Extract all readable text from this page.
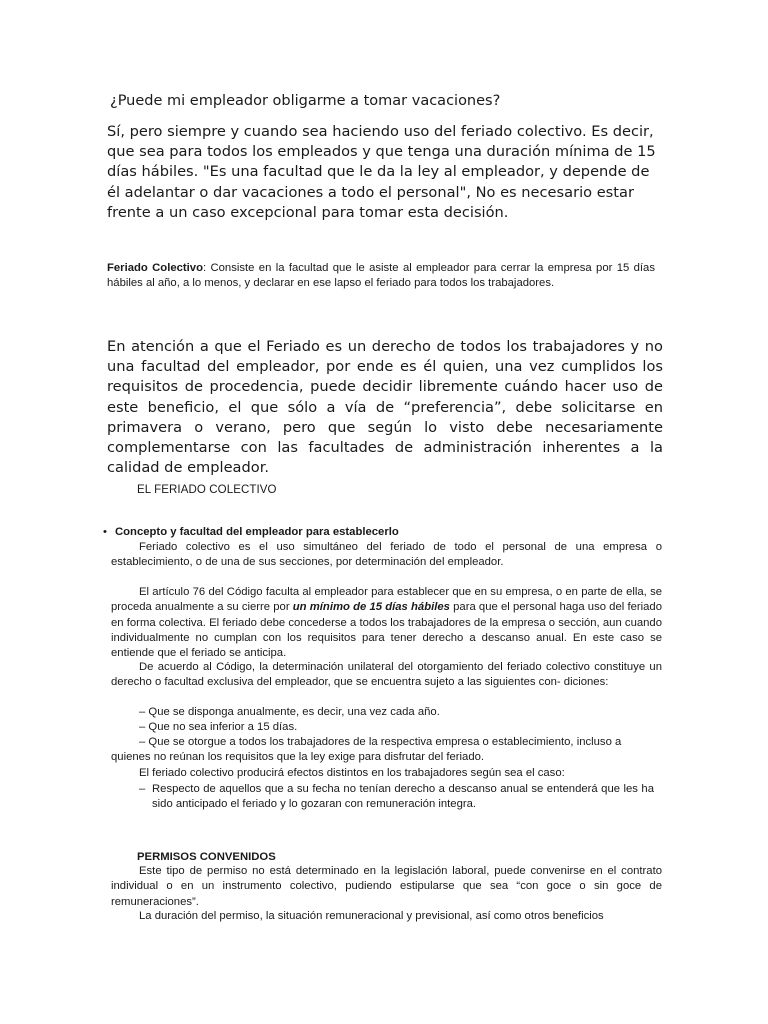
¿Puede mi empleador obligarme a tomar vacaciones?

Sí, pero siempre y cuando sea haciendo uso del feriado colectivo. Es decir, que sea para todos los empleados y que tenga una duración mínima de 15 días hábiles. "Es una facultad que le da la ley al empleador, y depende de él adelantar o dar vacaciones a todo el personal", No es necesario estar frente a un caso excepcional para tomar esta decisión.

Feriado Colectivo: Consiste en la facultad que le asiste al empleador para cerrar la empresa por 15 días hábiles al año, a lo menos, y declarar en ese lapso el feriado para todos los trabajadores.

En atención a que el Feriado es un derecho de todos los trabajadores y no una facultad del empleador, por ende es él quien, una vez cumplidos los requisitos de procedencia, puede decidir libremente cuándo hacer uso de este beneficio, el que sólo a vía de “preferencia”, debe solicitarse en primavera o verano, pero que según lo visto debe necesariamente complementarse con las facultades de administración inherentes a la calidad de empleador.

EL FERIADO COLECTIVO
• Concepto y facultad del empleador para establecerlo

Feriado colectivo es el uso simultáneo del feriado de todo el personal de una empresa o establecimiento, o de una de sus secciones, por determinación del empleador.

El artículo 76 del Código faculta al empleador para establecer que en su empresa, o en parte de ella, se proceda anualmente a su cierre por un mínimo de 15 días hábiles para que el personal haga uso del feriado en forma colectiva. El feriado debe concederse a todos los trabajadores de la empresa o sección, aun cuando individualmente no cumplan con los requisitos para tener derecho a descanso anual. En este caso se entiende que el feriado se anticipa.

De acuerdo al Código, la determinación unilateral del otorgamiento del feriado colectivo constituye un derecho o facultad exclusiva del empleador, que se encuentra sujeto a las siguientes con- diciones:

– Que se disponga anualmente, es decir, una vez cada año.

– Que no sea inferior a 15 días.

– Que se otorgue a todos los trabajadores de la respectiva empresa o establecimiento, incluso a
quienes no reúnan los requisitos que la ley exige para disfrutar del feriado.

El feriado colectivo producirá efectos distintos en los trabajadores según sea el caso:

– Respecto de aquellos que a su fecha no tenían derecho a descanso anual se entenderá que les ha sido anticipado el feriado y lo gozaran con remuneración integra.
PERMISOS CONVENIDOS

Este tipo de permiso no está determinado en la legislación laboral, puede convenirse en el contrato individual o en un instrumento colectivo, pudiendo estipularse que sea “con goce o sin goce de remuneraciones”.

La duración del permiso, la situación remuneracional y previsional, así como otros beneficios
